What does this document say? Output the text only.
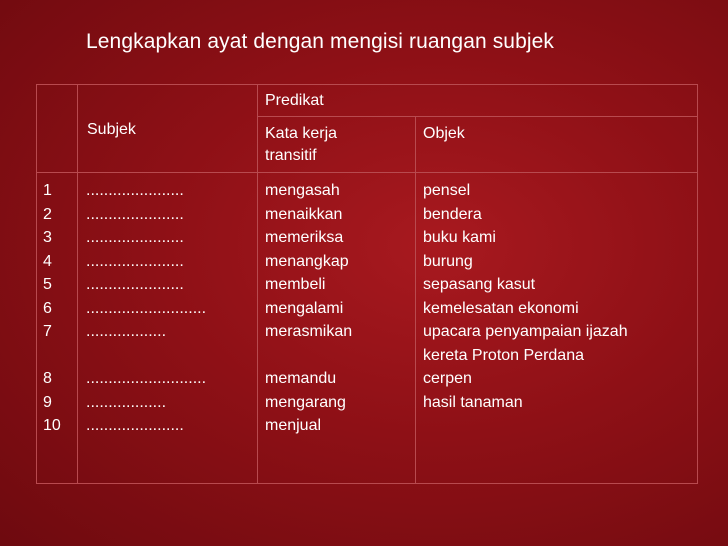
Lengkapkan ayat dengan mengisi ruangan subjek
Subjek
Predikat
Kata kerja
transitif
Objek
1
2
3
4
5
6
7
8
9
10
......................
......................
......................
......................
......................
...........................
..................
...........................
..................
......................
mengasah
menaikkan
memeriksa
menangkap
membeli
mengalami
merasmikan
memandu
mengarang
menjual
pensel
bendera
buku kami
burung
sepasang kasut
kemelesatan ekonomi
upacara penyampaian ijazah
kereta Proton Perdana
cerpen
hasil tanaman
